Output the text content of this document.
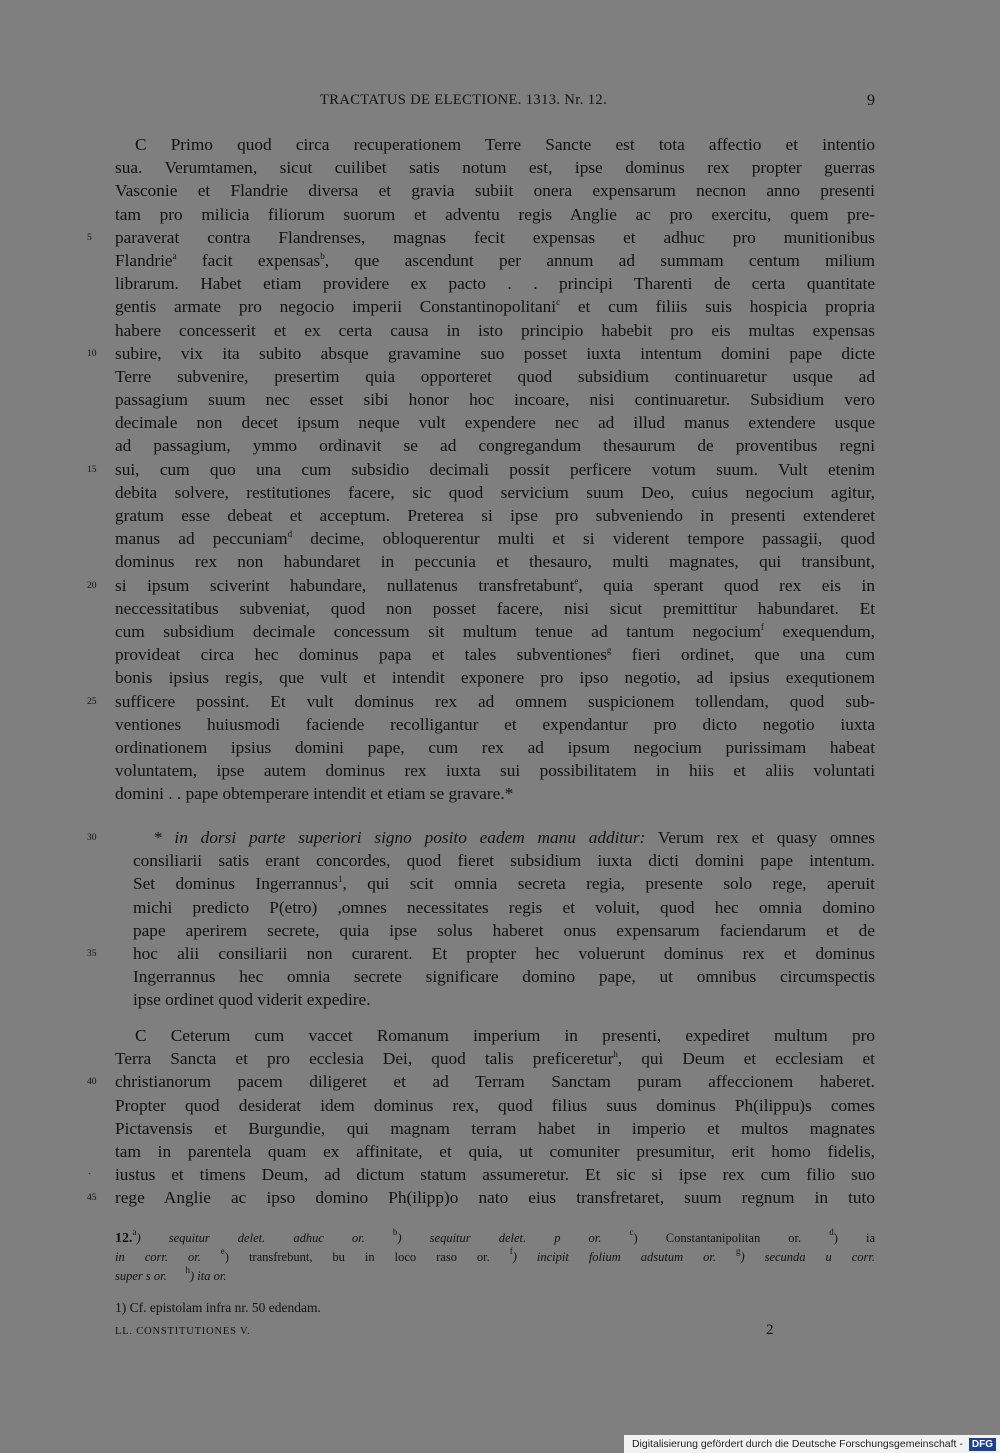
TRACTATUS DE ELECTIONE. 1313. Nr. 12.	9
C Primo quod circa recuperationem Terre Sancte est tota affectio et intentio
sua. Verumtamen, sicut cuilibet satis notum est, ipse dominus rex propter guerras
Vasconie et Flandrie diversa et gravia subiit onera expensarum necnon anno presenti
tam pro milicia filiorum suorum et adventu regis Anglie ac pro exercitu, quem pre-
5	paraverat contra Flandrenses, magnas fecit expensas et adhuc pro munitionibus
Flandrie$^a$ facit expensas$^b$, que ascendunt per annum ad summam centum milium
librarum. Habet etiam providere ex pacto . . principi Tharenti de certa quantitate
gentis armate pro negocio imperii Constantinopolitani$^c$ et cum filiis suis hospicia propria
habere concesserit et ex certa causa in isto principio habebit pro eis multas expensas
10	subire, vix ita subito absque gravamine suo posset iuxta intentum domini pape dicte
Terre subvenire, presertim quia opporteret quod subsidium continuaretur usque ad
passagium suum nec esset sibi honor hoc incoare, nisi continuaretur. Subsidium vero
decimale non decet ipsum neque vult expendere nec ad illud manus extendere usque
ad passagium, ymmo ordinavit se ad congregandum thesaurum de proventibus regni
15	sui, cum quo una cum subsidio decimali possit perficere votum suum. Vult etenim
debita solvere, restitutiones facere, sic quod servicium suum Deo, cuius negocium agitur,
gratum esse debeat et acceptum. Preterea si ipse pro subveniendo in presenti extenderet
manus ad peccuniam$^d$ decime, obloquerentur multi et si viderent tempore passagii, quod
dominus rex non habundaret in peccunia et thesauro, multi magnates, qui transibunt,
20	si ipsum sciverint habundare, nullatenus transfretabunt$^e$, quia sperant quod rex eis in
neccessitatibus subveniat, quod non posset facere, nisi sicut premittitur habundaret. Et
cum subsidium decimale concessum sit multum tenue ad tantum negocium$^f$ exequendum,
provideat circa hec dominus papa et tales subventiones$^g$ fieri ordinet, que una cum
bonis ipsius regis, que vult et intendit exponere pro ipso negotio, ad ipsius exequtionem
25	sufficere possint. Et vult dominus rex ad omnem suspicionem tollendam, quod sub-
ventiones huiusmodi faciende recolligantur et expendantur pro dicto negotio iuxta
ordinationem ipsius domini pape, cum rex ad ipsum negocium purissimam habeat
voluntatem, ipse autem dominus rex iuxta sui possibilitatem in hiis et aliis voluntati
domini . . pape obtemperare intendit et etiam se gravare.*
30	* in dorsi parte superiori signo posito eadem manu additur: Verum rex et quasy omnes
consiliarii satis erant concordes, quod fieret subsidium iuxta dicti domini pape intentum.
Set dominus Ingerrannus$^1$, qui scit omnia secreta regia, presente solo rege, aperuit
michi predicto P(etro) ,omnes necessitates regis et voluit, quod hec omnia domino
pape aperirem secrete, quia ipse solus haberet onus expensarum faciendarum et de
35	hoc alii consiliarii non curarent. Et propter hec voluerunt dominus rex et dominus
Ingerrannus hec omnia secrete significare domino pape, ut omnibus circumspectis
ipse ordinet quod viderit expedire.
C Ceterum cum vaccet Romanum imperium in presenti, expediret multum pro
Terra Sancta et pro ecclesia Dei, quod talis preficeretur$^h$, qui Deum et ecclesiam et
40	christianorum pacem diligeret et ad Terram Sanctam puram affeccionem haberet.
Propter quod desiderat idem dominus rex, quod filius suus dominus Ph(ilippu)s comes
Pictavensis et Burgundie, qui magnam terram habet in imperio et multos magnates
tam in parentela quam ex affinitate, et quia, ut comuniter presumitur, erit homo fidelis,
iustus et timens Deum, ad dictum statum assumeretur. Et sic si ipse rex cum filio suo
45	rege Anglie ac ipso domino Ph(ilipp)o nato eius transfretaret, suum regnum in tuto
ˎ
12.$^a$) sequitur delet. adhuc or.	$^b$) sequitur delet. p or.	$^c$) Constantanipolitan or.	$^d$) ia
in corr. or. $^e$) transfrebunt, bu in loco raso or. $^f$) incipit folium adsutum or. $^g$) secunda u corr.
super s or. $^h$) ita or.
1) Cf. epistolam infra nr. 50 edendam.
LL. CONSTITUTIONES V.	2
Digitalisierung gefördert durch die Deutsche Forschungsgemeinschaft - DFG
